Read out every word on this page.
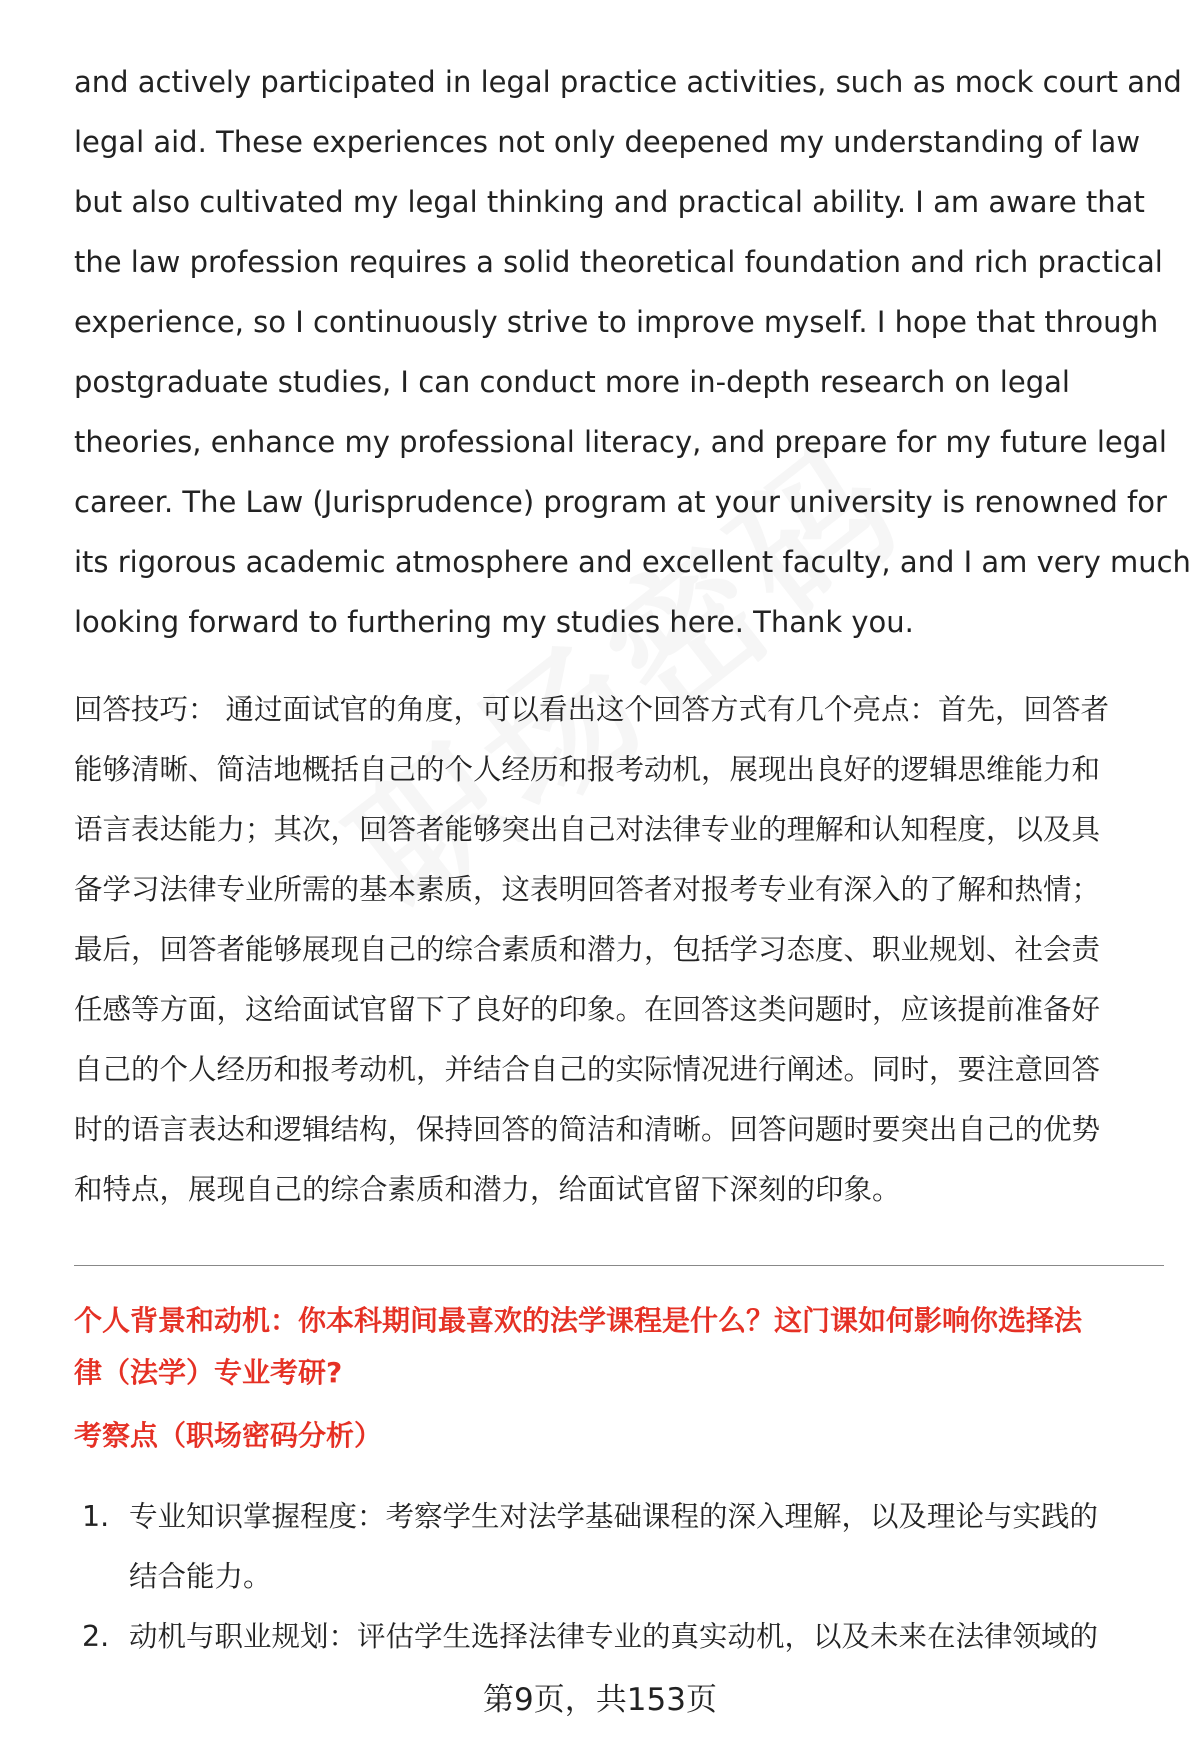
and actively participated in legal practice activities, such as mock court and
legal aid. These experiences not only deepened my understanding of law
but also cultivated my legal thinking and practical ability. I am aware that
the law profession requires a solid theoretical foundation and rich practical
experience, so I continuously strive to improve myself. I hope that through
postgraduate studies, I can conduct more in-depth research on legal
theories, enhance my professional literacy, and prepare for my future legal
career. The Law (Jurisprudence) program at your university is renowned for
its rigorous academic atmosphere and excellent faculty, and I am very much
looking forward to furthering my studies here. Thank you.
回答技巧： 通过面试官的角度，可以看出这个回答方式有几个亮点：首先，回答者
能够清晰、简洁地概括自己的个人经历和报考动机，展现出良好的逻辑思维能力和
语言表达能力；其次，回答者能够突出自己对法律专业的理解和认知程度，以及具
备学习法律专业所需的基本素质，这表明回答者对报考专业有深入的了解和热情；
最后，回答者能够展现自己的综合素质和潜力，包括学习态度、职业规划、社会责
任感等方面，这给面试官留下了良好的印象。在回答这类问题时，应该提前准备好
自己的个人经历和报考动机，并结合自己的实际情况进行阐述。同时，要注意回答
时的语言表达和逻辑结构，保持回答的简洁和清晰。回答问题时要突出自己的优势
和特点，展现自己的综合素质和潜力，给面试官留下深刻的印象。
个人背景和动机：你本科期间最喜欢的法学课程是什么？这门课如何影响你选择法
律（法学）专业考研?
考察点（职场密码分析）
1. 专业知识掌握程度：考察学生对法学基础课程的深入理解，以及理论与实践的
结合能力。
2. 动机与职业规划：评估学生选择法律专业的真实动机，以及未来在法律领域的
第9页，共153页
